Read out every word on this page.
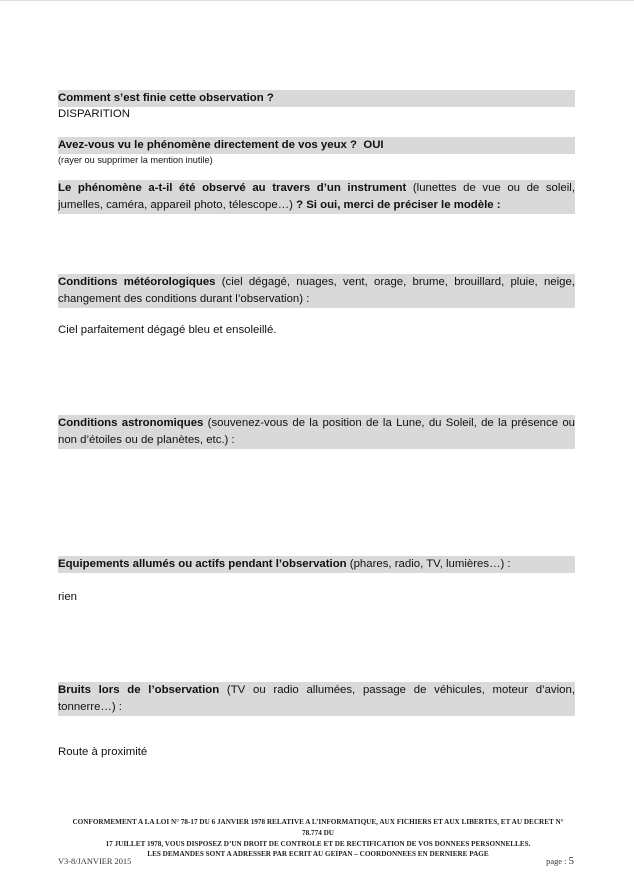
Comment s’est finie cette observation ?
DISPARITION
Avez-vous vu le phénomène directement de vos yeux ? OUI
(rayer ou supprimer la mention inutile)
Le phénomène a-t-il été observé au travers d’un instrument (lunettes de vue ou de soleil, jumelles, caméra, appareil photo, télescope…) ? Si oui, merci de préciser le modèle :
Conditions météorologiques (ciel dégagé, nuages, vent, orage, brume, brouillard, pluie, neige, changement des conditions durant l’observation) :
Ciel parfaitement dégagé bleu et ensoleillé.
Conditions astronomiques (souvenez-vous de la position de la Lune, du Soleil, de la présence ou non d’étoiles ou de planètes, etc.) :
Equipements allumés ou actifs pendant l’observation (phares, radio, TV, lumières…) :
rien
Bruits lors de l’observation (TV ou radio allumées, passage de véhicules, moteur d’avion, tonnerre…) :
Route à proximité
CONFORMEMENT A LA LOI N° 78-17 DU 6 JANVIER 1978 RELATIVE A L’INFORMATIQUE, AUX FICHIERS ET AUX LIBERTES, ET AU DECRET N° 78.774 DU
17 JUILLET 1978, VOUS DISPOSEZ D’UN DROIT DE CONTROLE ET DE RECTIFICATION DE VOS DONNEES PERSONNELLES.
LES DEMANDES SONT A ADRESSER PAR ECRIT AU GEIPAN – COORDONNEES EN DERNIERE PAGE
V3-8/JANVIER 2015	page : 5
